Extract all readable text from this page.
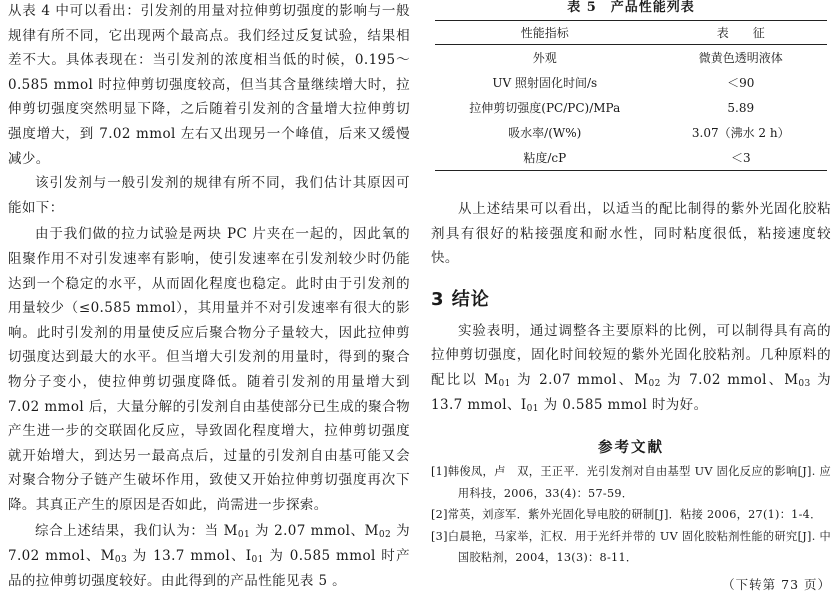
从表 4 中可以看出：引发剂的用量对拉伸剪切强度的影响与一般规律有所不同，它出现两个最高点。我们经过反复试验，结果相差不大。具体表现在：当引发剂的浓度相当低的时候，0.195～0.585 mmol 时拉伸剪切强度较高，但当其含量继续增大时，拉伸剪切强度突然明显下降，之后随着引发剂的含量增大拉伸剪切强度增大，到 7.02 mmol 左右又出现另一个峰值，后来又缓慢减少。

该引发剂与一般引发剂的规律有所不同，我们估计其原因可能如下：

由于我们做的拉力试验是两块 PC 片夹在一起的，因此氧的阻聚作用不对引发速率有影响，使引发速率在引发剂较少时仍能达到一个稳定的水平，从而固化程度也稳定。此时由于引发剂的用量较少（≤0.585 mmol），其用量并不对引发速率有很大的影响。此时引发剂的用量使反应后聚合物分子量较大，因此拉伸剪切强度达到最大的水平。但当增大引发剂的用量时，得到的聚合物分子变小，使拉伸剪切强度降低。随着引发剂的用量增大到 7.02 mmol 后，大量分解的引发剂自由基使部分已生成的聚合物产生进一步的交联固化反应，导致固化程度增大，拉伸剪切强度就开始增大，到达另一最高点后，过量的引发剂自由基可能又会对聚合物分子链产生破坏作用，致使又开始拉伸剪切强度再次下降。其真正产生的原因是否如此，尚需进一步探索。

综合上述结果，我们认为：当 $M_{01}$ 为 2.07 mmol、$M_{02}$ 为 7.02 mmol、$M_{03}$ 为 13.7 mmol、$I_{01}$ 为 0.585 mmol 时产品的拉伸剪切强度较好。由此得到的产品性能见表 5 。

表 5　产品性能列表
性能指标	表　　征
外观	微黄色透明液体
UV 照射固化时间/s	＜90
拉伸剪切强度(PC/PC)/MPa	5.89
吸水率/(W%)	3.07（沸水 2 h）
粘度/cP	＜3

从上述结果可以看出，以适当的配比制得的紫外光固化胶粘剂具有很好的粘接强度和耐水性，同时粘度很低，粘接速度较快。

3 结论

实验表明，通过调整各主要原料的比例，可以制得具有高的拉伸剪切强度，固化时间较短的紫外光固化胶粘剂。几种原料的配比以 $M_{01}$ 为 2.07 mmol、$M_{02}$ 为 7.02 mmol、$M_{03}$ 为 13.7 mmol、$I_{01}$ 为 0.585 mmol 时为好。

参考文献

[1]韩俊凤，卢　双，王正平．光引发剂对自由基型 UV 固化反应的影响[J]. 应用科技，2006，33(4)：57-59．

[2]常英，刘彦军．紫外光固化导电胶的研制[J]．粘接 2006，27(1)：1-4．

[3]白晨艳，马家举，汇权．用于光纤并带的 UV 固化胶粘剂性能的研究[J]. 中国胶粘剂，2004，13(3)：8-11．

（下转第 73 页）
